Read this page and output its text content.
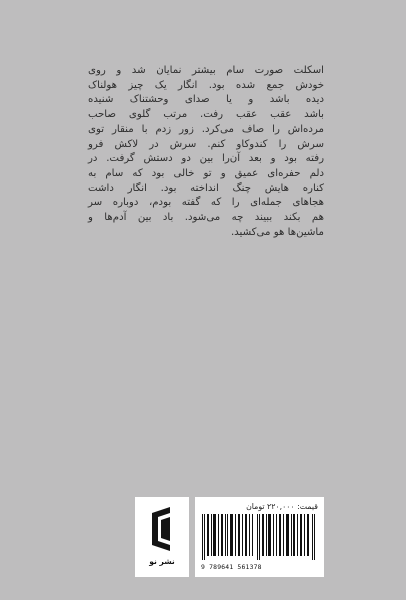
اسکلت صورت سام بیشتر نمایان شد و روی
خودش جمع شده بود. انگار یک چیز هولناک
دیده باشد و یا صدای وحشتناک شنیده
باشد عقب عقب رفت. مرتب گلوی صاحب
مرده‌اش را صاف می‌کرد. زور زدم با منقار توی
سرش را کندوکاو کنم. سرش در لاکش فرو
رفته بود و بعد آن‌را بین دو دستش گرفت. در
دلم حفره‌ای عمیق و تو خالی بود که سام به
کناره هایش چنگ انداخته بود. انگار داشت
هجاهای جمله‌ای را که گفته بودم، دوباره سر
هم بکند ببیند چه می‌شود. باد بین آدم‌ها و
ماشین‌ها هو می‌کشید.
نشر نو
قیمت: ۲۲۰,۰۰۰ تومان
9 789641 561378
